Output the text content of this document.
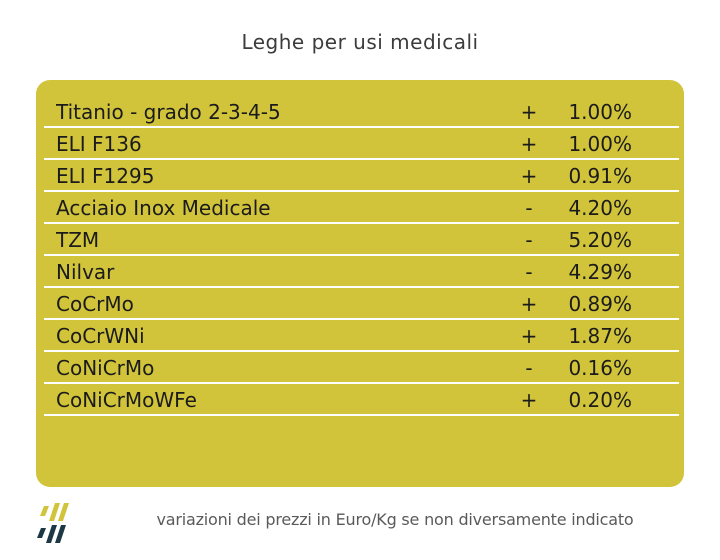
Leghe per usi medicali
Titanio - grado 2-3-4-5	+	1.00%
ELI F136	+	1.00%
ELI F1295	+	0.91%
Acciaio Inox Medicale	-	4.20%
TZM	-	5.20%
Nilvar	-	4.29%
CoCrMo	+	0.89%
CoCrWNi	+	1.87%
CoNiCrMo	-	0.16%
CoNiCrMoWFe	+	0.20%
variazioni dei prezzi in Euro/Kg se non diversamente indicato
